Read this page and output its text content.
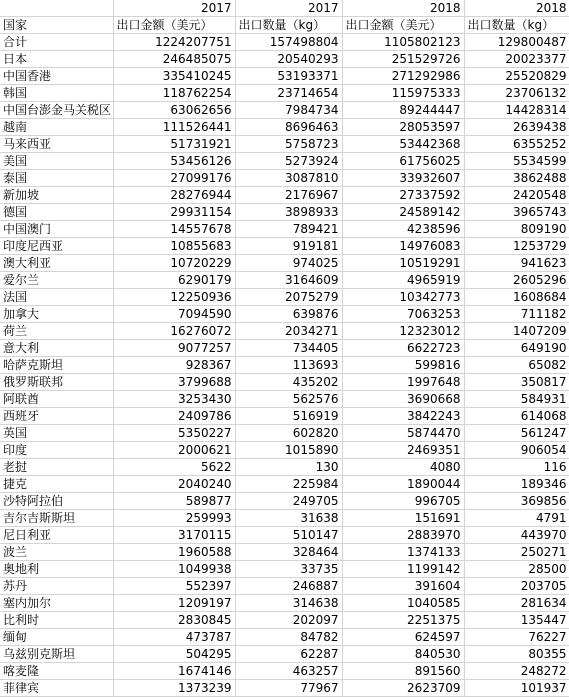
	2017	2017	2018	2018
国家	出口金额（美元）	出口数量（kg）	出口金额（美元）	出口数量（kg）
合计	1224207751	157498804	1105802123	129800487
日本	246485075	20540293	251529726	20023377
中国香港	335410245	53193371	271292986	25520829
韩国	118762254	23714654	115975333	23706132
中国台澎金马关税区	63062656	7984734	89244447	14428314
越南	111526441	8696463	28053597	2639438
马来西亚	51731921	5758723	53442368	6355252
美国	53456126	5273924	61756025	5534599
泰国	27099176	3087810	33932607	3862488
新加坡	28276944	2176967	27337592	2420548
德国	29931154	3898933	24589142	3965743
中国澳门	14557678	789421	4238596	809190
印度尼西亚	10855683	919181	14976083	1253729
澳大利亚	10720229	974025	10519291	941623
爱尔兰	6290179	3164609	4965919	2605296
法国	12250936	2075279	10342773	1608684
加拿大	7094590	639876	7063253	711182
荷兰	16276072	2034271	12323012	1407209
意大利	9077257	734405	6622723	649190
哈萨克斯坦	928367	113693	599816	65082
俄罗斯联邦	3799688	435202	1997648	350817
阿联酋	3253430	562576	3690668	584931
西班牙	2409786	516919	3842243	614068
英国	5350227	602820	5874470	561247
印度	2000621	1015890	2469351	906054
老挝	5622	130	4080	116
捷克	2040240	225984	1890044	189346
沙特阿拉伯	589877	249705	996705	369856
吉尔吉斯斯坦	259993	31638	151691	4791
尼日利亚	3170115	510147	2883970	443970
波兰	1960588	328464	1374133	250271
奥地利	1049938	33735	1199142	28500
苏丹	552397	246887	391604	203705
塞内加尔	1209197	314638	1040585	281634
比利时	2830845	202097	2251375	135447
缅甸	473787	84782	624597	76227
乌兹别克斯坦	504295	62287	840530	80355
喀麦隆	1674146	463257	891560	248272
菲律宾	1373239	77967	2623709	101937
